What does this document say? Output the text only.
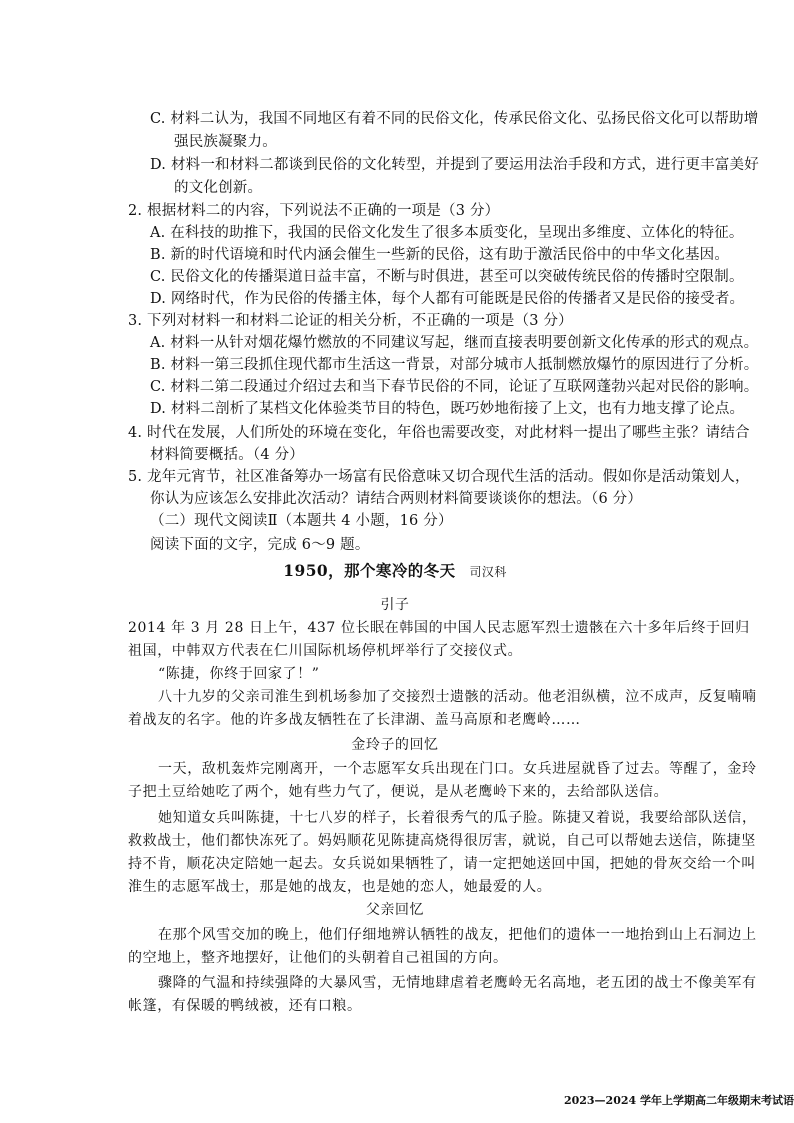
C. 材料二认为，我国不同地区有着不同的民俗文化，传承民俗文化、弘扬民俗文化可以帮助增
强民族凝聚力。
D. 材料一和材料二都谈到民俗的文化转型，并提到了要运用法治手段和方式，进行更丰富美好
的文化创新。
2. 根据材料二的内容，下列说法不正确的一项是（3 分）
A. 在科技的助推下，我国的民俗文化发生了很多本质变化，呈现出多维度、立体化的特征。
B. 新的时代语境和时代内涵会催生一些新的民俗，这有助于激活民俗中的中华文化基因。
C. 民俗文化的传播渠道日益丰富，不断与时俱进，甚至可以突破传统民俗的传播时空限制。
D. 网络时代，作为民俗的传播主体，每个人都有可能既是民俗的传播者又是民俗的接受者。
3. 下列对材料一和材料二论证的相关分析，不正确的一项是（3 分）
A. 材料一从针对烟花爆竹燃放的不同建议写起，继而直接表明要创新文化传承的形式的观点。
B. 材料一第三段抓住现代都市生活这一背景，对部分城市人抵制燃放爆竹的原因进行了分析。
C. 材料二第二段通过介绍过去和当下春节民俗的不同，论证了互联网蓬勃兴起对民俗的影响。
D. 材料二剖析了某档文化体验类节目的特色，既巧妙地衔接了上文，也有力地支撑了论点。
4. 时代在发展，人们所处的环境在变化，年俗也需要改变，对此材料一提出了哪些主张？请结合
材料简要概括。（4 分）
5. 龙年元宵节，社区准备筹办一场富有民俗意味又切合现代生活的活动。假如你是活动策划人，
你认为应该怎么安排此次活动？请结合两则材料简要谈谈你的想法。（6 分）
（二）现代文阅读Ⅱ（本题共 4 小题，16 分）
阅读下面的文字，完成 6～9 题。
1950，那个寒冷的冬天 司汉科
引子
2014 年 3 月 28 日上午，437 位长眠在韩国的中国人民志愿军烈士遗骸在六十多年后终于回归
祖国，中韩双方代表在仁川国际机场停机坪举行了交接仪式。
“陈捷，你终于回家了！”
八十九岁的父亲司淮生到机场参加了交接烈士遗骸的活动。他老泪纵横，泣不成声，反复喃喃
着战友的名字。他的许多战友牺牲在了长津湖、盖马高原和老鹰岭……
金玲子的回忆
一天，敌机轰炸完刚离开，一个志愿军女兵出现在门口。女兵进屋就昏了过去。等醒了，金玲
子把土豆给她吃了两个，她有些力气了，便说，是从老鹰岭下来的，去给部队送信。
她知道女兵叫陈捷，十七八岁的样子，长着很秀气的瓜子脸。陈捷又着说，我要给部队送信，
救救战士，他们都快冻死了。妈妈顺花见陈捷高烧得很厉害，就说，自己可以帮她去送信，陈捷坚
持不肯，顺花决定陪她一起去。女兵说如果牺牲了，请一定把她送回中国，把她的骨灰交给一个叫
淮生的志愿军战士，那是她的战友，也是她的恋人，她最爱的人。
父亲回忆
在那个风雪交加的晚上，他们仔细地辨认牺牲的战友，把他们的遗体一一地抬到山上石洞边上
的空地上，整齐地摆好，让他们的头朝着自己祖国的方向。
骤降的气温和持续强降的大暴风雪，无情地肆虐着老鹰岭无名高地，老五团的战士不像美军有
帐篷，有保暖的鸭绒被，还有口粮。
2023—2024 学年上学期高二年级期末考试语
